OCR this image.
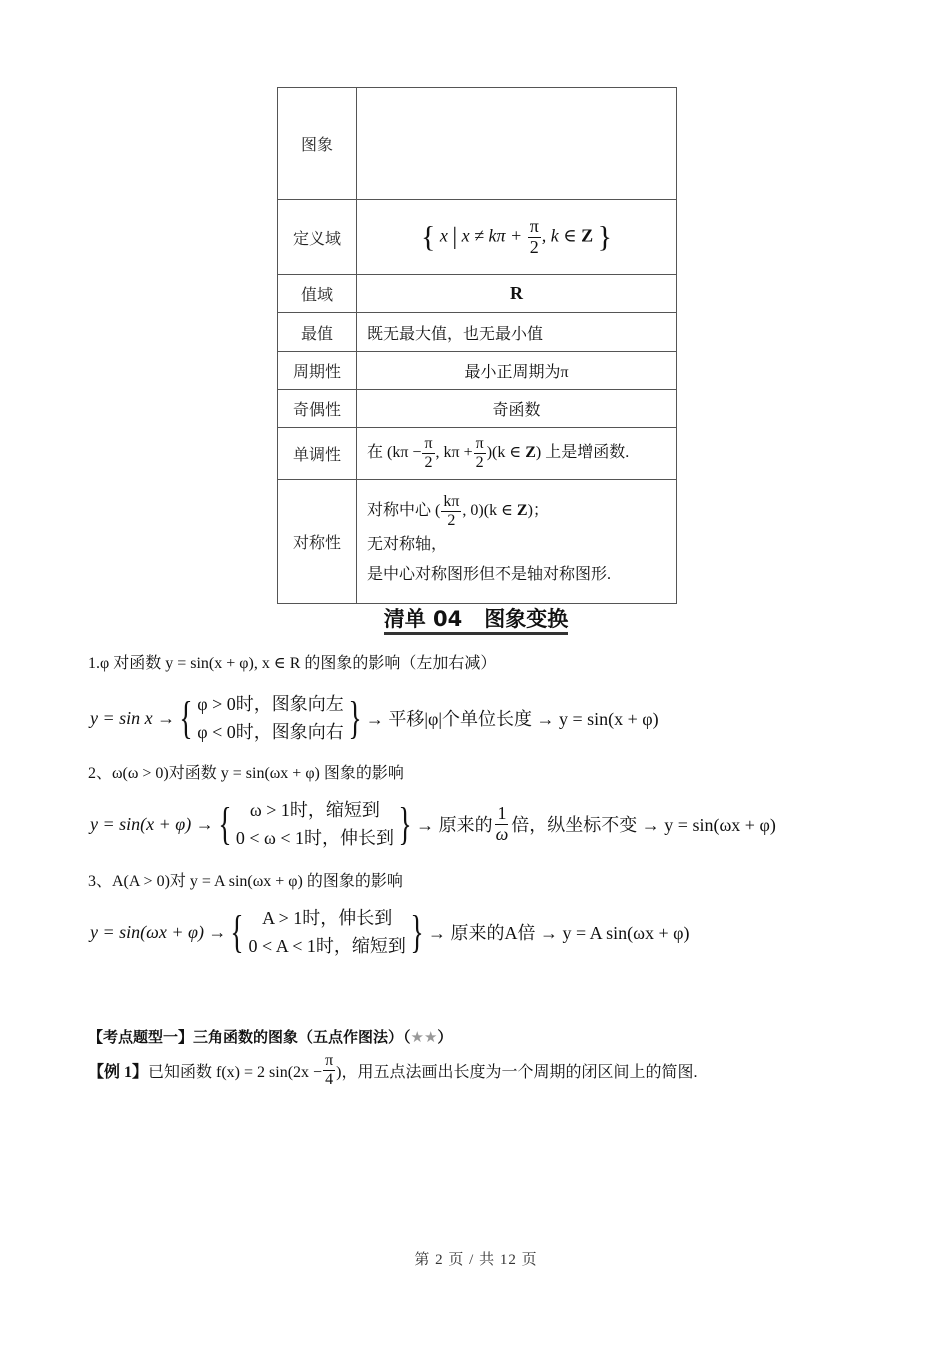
图象	
定义域	{ x | $x \ne k\pi + \frac{\pi}{2}$ , k ∈ Z }
值域	R
最值	既无最大值，也无最小值
周期性	最小正周期为π
奇偶性	奇函数
单调性	在 ($k\pi - \frac{\pi}{2}$ , $k\pi + \frac{\pi}{2} )(k$ ∈ Z) 上是增函数.
对称性	
对称中心 ( $\frac{k\pi}{2}$ , 0)(k ∈ Z)；
无对称轴，
是中心对称图形但不是轴对称图形.
清单 04 图象变换
1.φ 对函数 y = sin(x + φ), x ∈ R 的图象的影响（左加右减）
y = sin x → { φ > 0时，图象向左
φ < 0时，图象向右 } → 平移|φ|个单位长度 → y = sin(x + φ)
2、ω(ω > 0)对函数 y = sin(ωx + φ) 图象的影响
y = sin(x + φ) → {	ω > 1时，缩短到
0 < ω < 1时，伸长到 } → 原来的 $\frac{1}{\omega}$ 倍，纵坐标不变 → y = sin(ωx + φ)
3、A(A > 0)对 y = A sin(ωx + φ) 的图象的影响
y = sin(ωx + φ) → { A > 1时，伸长到
0 < A < 1时，缩短到 } → 原来的A倍 → y = A sin(ωx + φ)
【考点题型一】三角函数的图象（五点作图法）（★★）
【例 1】 已知函数 f(x) = 2 $\sin(2x - \frac{\pi}{4}$ )，用五点法画出长度为一个周期的闭区间上的简图.
第 2 页 / 共 12 页
